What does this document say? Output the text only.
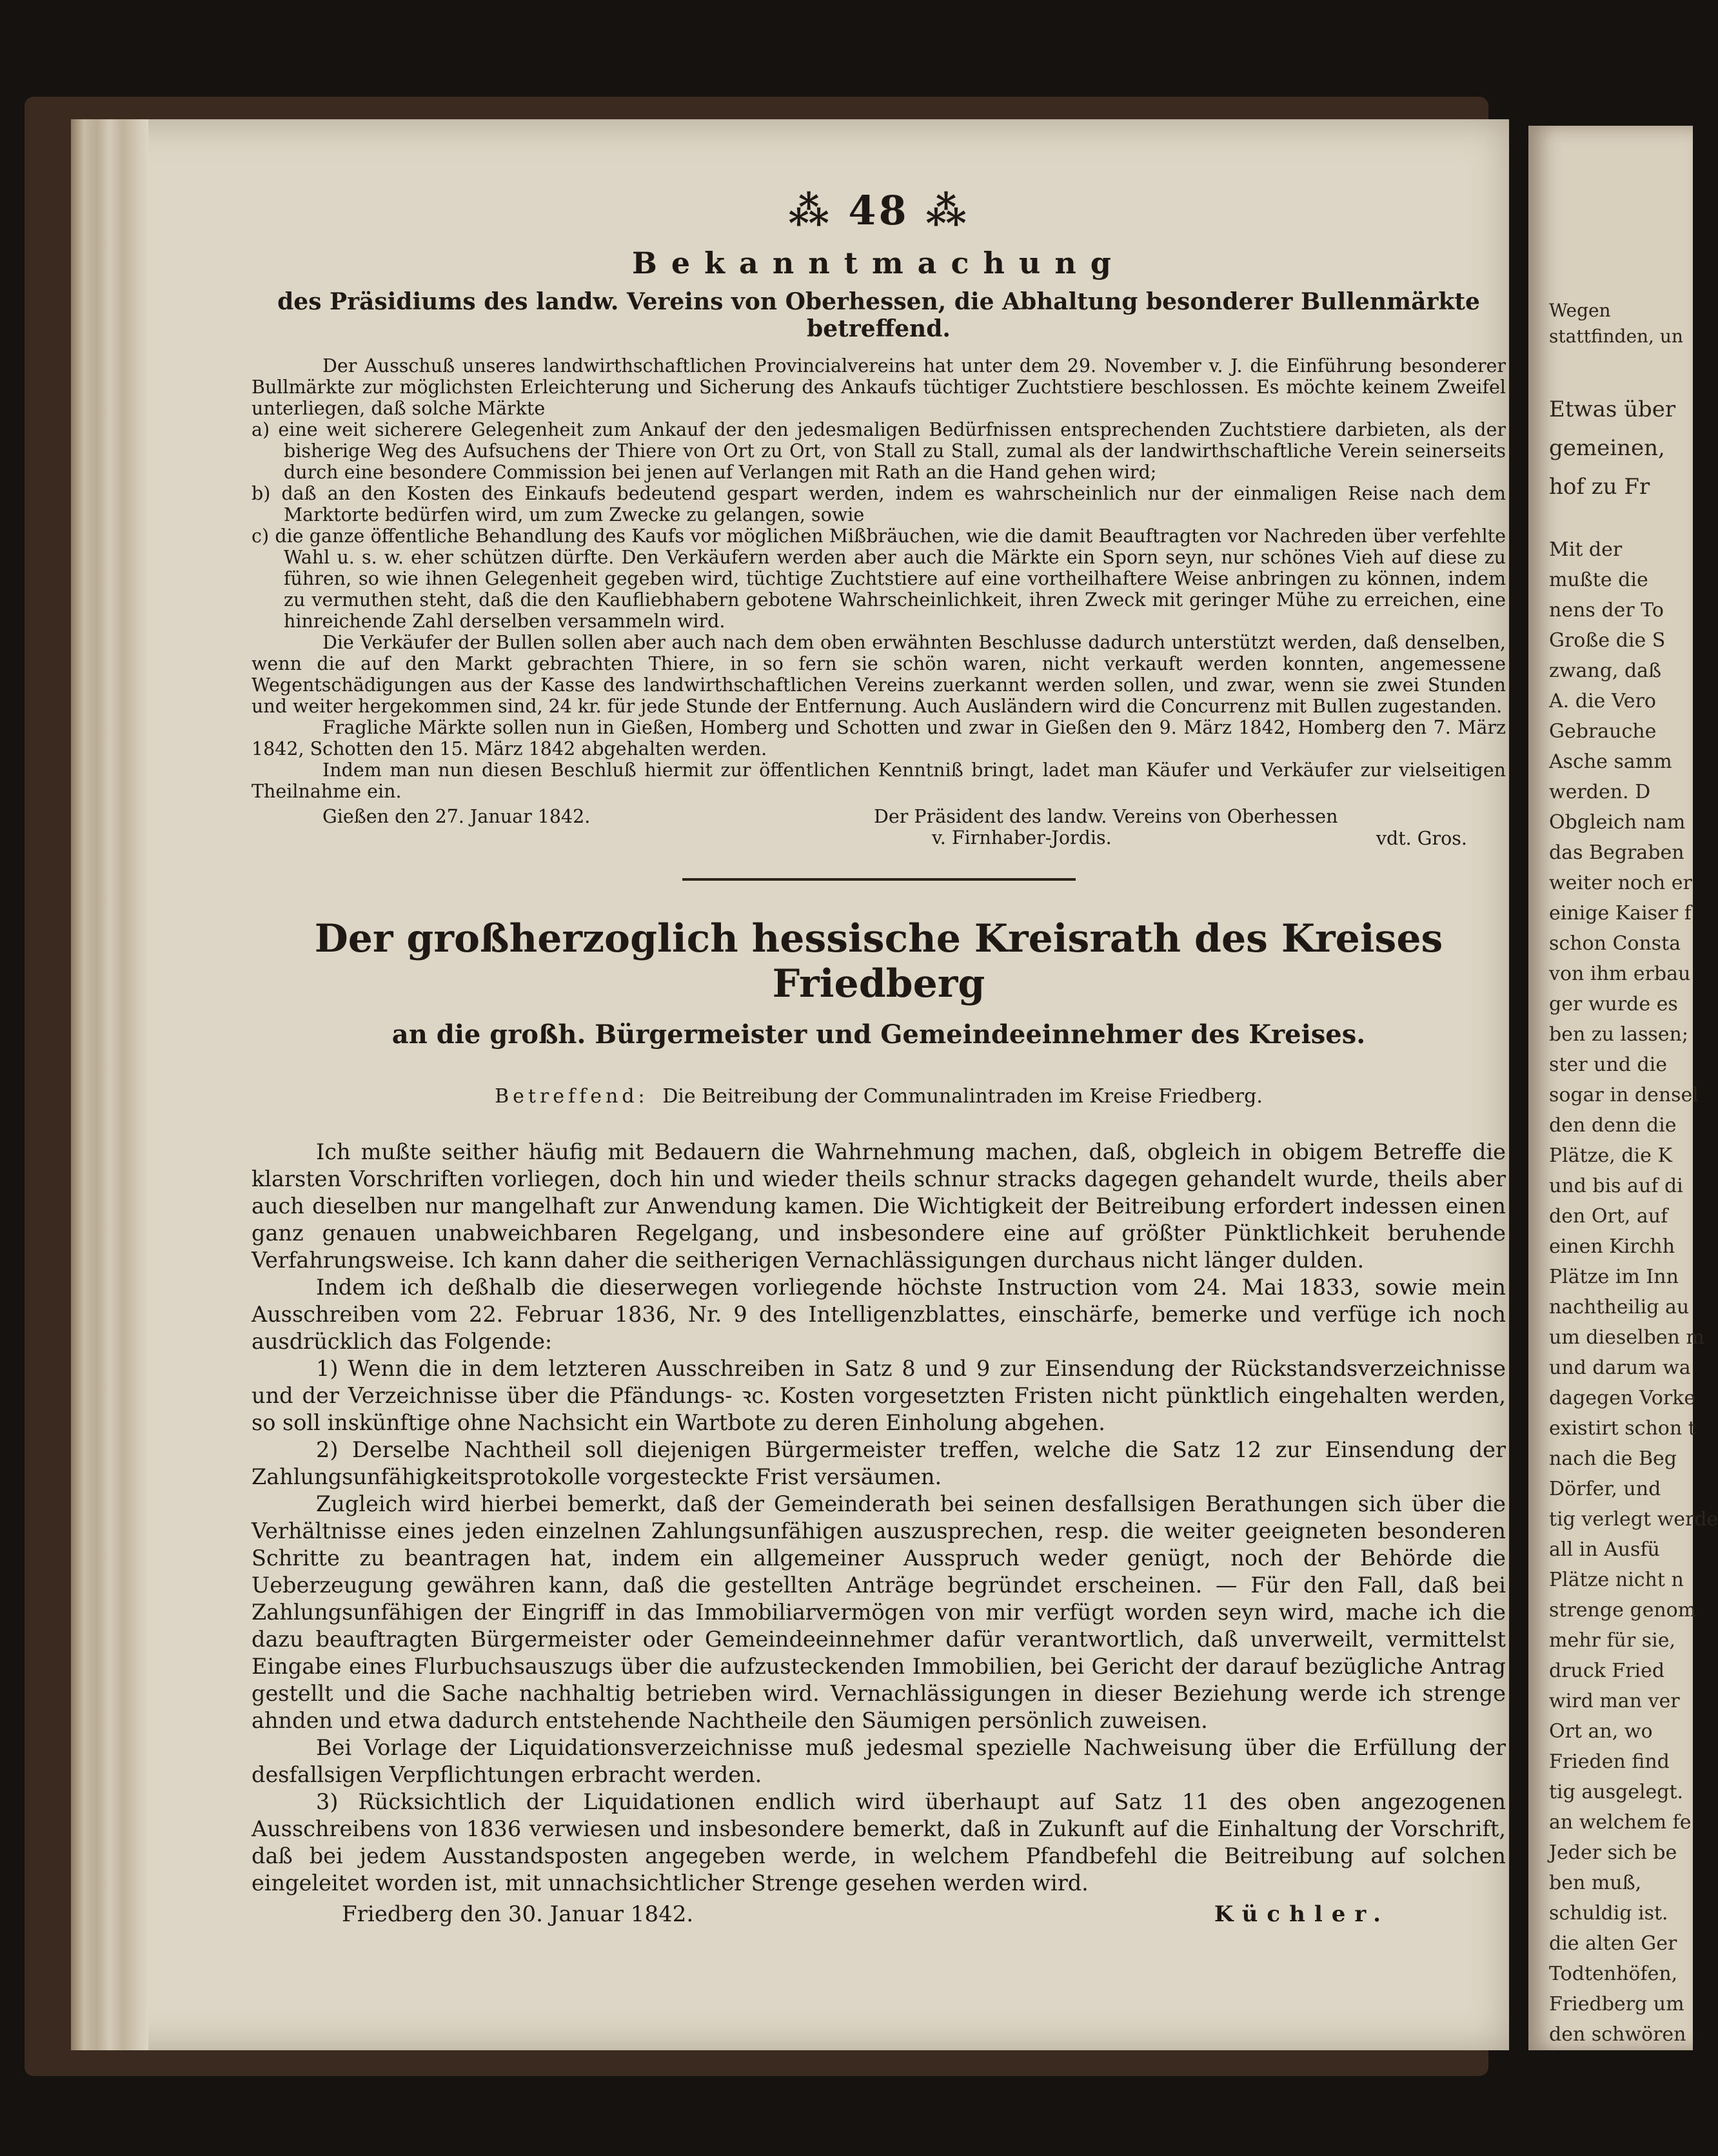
Wegen
stattfinden, un
Etwas über
gemeinen,
hof zu Fr
Mit der
mußte die
nens der To
Große die S
zwang, daß
A. die Vero
Gebrauche
Asche samm
werden. D
Obgleich nam
das Begraben
weiter noch er
einige Kaiser f
schon Consta
von ihm erbau
ger wurde es
ben zu lassen;
ster und die
sogar in densel
den denn die
Plätze, die K
und bis auf di
den Ort, auf
einen Kirchh
Plätze im Inn
nachtheilig au
um dieselben m
und darum wa
dagegen Vorke
existirt schon t
nach die Beg
Dörfer, und
tig verlegt werde
all in Ausfü
Plätze nicht n
strenge genom
mehr für sie,
druck Fried
wird man ver
Ort an, wo
Frieden find
tig ausgelegt.
an welchem fe
Jeder sich be
ben muß,
schuldig ist.
die alten Ger
Todtenhöfen,
Friedberg um
den schwören
⁂ 48 ⁂
Bekanntmachung
des Präsidiums des landw. Vereins von Oberhessen, die Abhaltung besonderer Bullenmärkte betreffend.

Der Ausschuß unseres landwirthschaftlichen Provincialvereins hat unter dem 29. November v. J. die Einführung besonderer Bullmärkte zur möglichsten Erleichterung und Sicherung des Ankaufs tüchtiger Zuchtstiere beschlossen. Es möchte keinem Zweifel unterliegen, daß solche Märkte

a) eine weit sicherere Gelegenheit zum Ankauf der den jedesmaligen Bedürfnissen entsprechenden Zuchtstiere darbieten, als der bisherige Weg des Aufsuchens der Thiere von Ort zu Ort, von Stall zu Stall, zumal als der landwirthschaftliche Verein seinerseits durch eine besondere Commission bei jenen auf Verlangen mit Rath an die Hand gehen wird;

b) daß an den Kosten des Einkaufs bedeutend gespart werden, indem es wahrscheinlich nur der einmaligen Reise nach dem Marktorte bedürfen wird, um zum Zwecke zu gelangen, sowie

c) die ganze öffentliche Behandlung des Kaufs vor möglichen Mißbräuchen, wie die damit Beauftragten vor Nachreden über verfehlte Wahl u. s. w. eher schützen dürfte. Den Verkäufern werden aber auch die Märkte ein Sporn seyn, nur schönes Vieh auf diese zu führen, so wie ihnen Gelegenheit gegeben wird, tüchtige Zuchtstiere auf eine vortheilhaftere Weise anbringen zu können, indem zu vermuthen steht, daß die den Kaufliebhabern gebotene Wahrscheinlichkeit, ihren Zweck mit geringer Mühe zu erreichen, eine hinreichende Zahl derselben versammeln wird.

Die Verkäufer der Bullen sollen aber auch nach dem oben erwähnten Beschlusse dadurch unterstützt werden, daß denselben, wenn die auf den Markt gebrachten Thiere, in so fern sie schön waren, nicht verkauft werden konnten, angemessene Wegentschädigungen aus der Kasse des landwirthschaftlichen Vereins zuerkannt werden sollen, und zwar, wenn sie zwei Stunden und weiter hergekommen sind, 24 kr. für jede Stunde der Entfernung. Auch Ausländern wird die Concurrenz mit Bullen zugestanden.

Fragliche Märkte sollen nun in Gießen, Homberg und Schotten und zwar in Gießen den 9. März 1842, Homberg den 7. März 1842, Schotten den 15. März 1842 abgehalten werden.

Indem man nun diesen Beschluß hiermit zur öffentlichen Kenntniß bringt, ladet man Käufer und Verkäufer zur vielseitigen Theilnahme ein.

Gießen den 27. Januar 1842.	Der Präsident des landw. Vereins von Oberhessen
v. Firnhaber-Jordis.	vdt. Gros.
Der großherzoglich hessische Kreisrath des Kreises Friedberg
an die großh. Bürgermeister und Gemeindeeinnehmer des Kreises.
Betreffend: Die Beitreibung der Communalintraden im Kreise Friedberg.

Ich mußte seither häufig mit Bedauern die Wahrnehmung machen, daß, obgleich in obigem Betreffe die klarsten Vorschriften vorliegen, doch hin und wieder theils schnur stracks dagegen gehandelt wurde, theils aber auch dieselben nur mangelhaft zur Anwendung kamen. Die Wichtigkeit der Beitreibung erfordert indessen einen ganz genauen unabweichbaren Regelgang, und insbesondere eine auf größter Pünktlichkeit beruhende Verfahrungsweise. Ich kann daher die seitherigen Vernachlässigungen durchaus nicht länger dulden.

Indem ich deßhalb die dieserwegen vorliegende höchste Instruction vom 24. Mai 1833, sowie mein Ausschreiben vom 22. Februar 1836, Nr. 9 des Intelligenzblattes, einschärfe, bemerke und verfüge ich noch ausdrücklich das Folgende:

1) Wenn die in dem letzteren Ausschreiben in Satz 8 und 9 zur Einsendung der Rückstandsverzeichnisse und der Verzeichnisse über die Pfändungs- ꝛc. Kosten vorgesetzten Fristen nicht pünktlich eingehalten werden, so soll inskünftige ohne Nachsicht ein Wartbote zu deren Einholung abgehen.

2) Derselbe Nachtheil soll diejenigen Bürgermeister treffen, welche die Satz 12 zur Einsendung der Zahlungsunfähigkeitsprotokolle vorgesteckte Frist versäumen.

Zugleich wird hierbei bemerkt, daß der Gemeinderath bei seinen desfallsigen Berathungen sich über die Verhältnisse eines jeden einzelnen Zahlungsunfähigen auszusprechen, resp. die weiter geeigneten besonderen Schritte zu beantragen hat, indem ein allgemeiner Ausspruch weder genügt, noch der Behörde die Ueberzeugung gewähren kann, daß die gestellten Anträge begründet erscheinen. — Für den Fall, daß bei Zahlungsunfähigen der Eingriff in das Immobiliarvermögen von mir verfügt worden seyn wird, mache ich die dazu beauftragten Bürgermeister oder Gemeindeeinnehmer dafür verantwortlich, daß unverweilt, vermittelst Eingabe eines Flurbuchsauszugs über die aufzusteckenden Immobilien, bei Gericht der darauf bezügliche Antrag gestellt und die Sache nachhaltig betrieben wird. Vernachlässigungen in dieser Beziehung werde ich strenge ahnden und etwa dadurch entstehende Nachtheile den Säumigen persönlich zuweisen.

Bei Vorlage der Liquidationsverzeichnisse muß jedesmal spezielle Nachweisung über die Erfüllung der desfallsigen Verpflichtungen erbracht werden.

3) Rücksichtlich der Liquidationen endlich wird überhaupt auf Satz 11 des oben angezogenen Ausschreibens von 1836 verwiesen und insbesondere bemerkt, daß in Zukunft auf die Einhaltung der Vorschrift, daß bei jedem Ausstandsposten angegeben werde, in welchem Pfandbefehl die Beitreibung auf solchen eingeleitet worden ist, mit unnachsichtlicher Strenge gesehen werden wird.

Friedberg den 30. Januar 1842.	Küchler.
